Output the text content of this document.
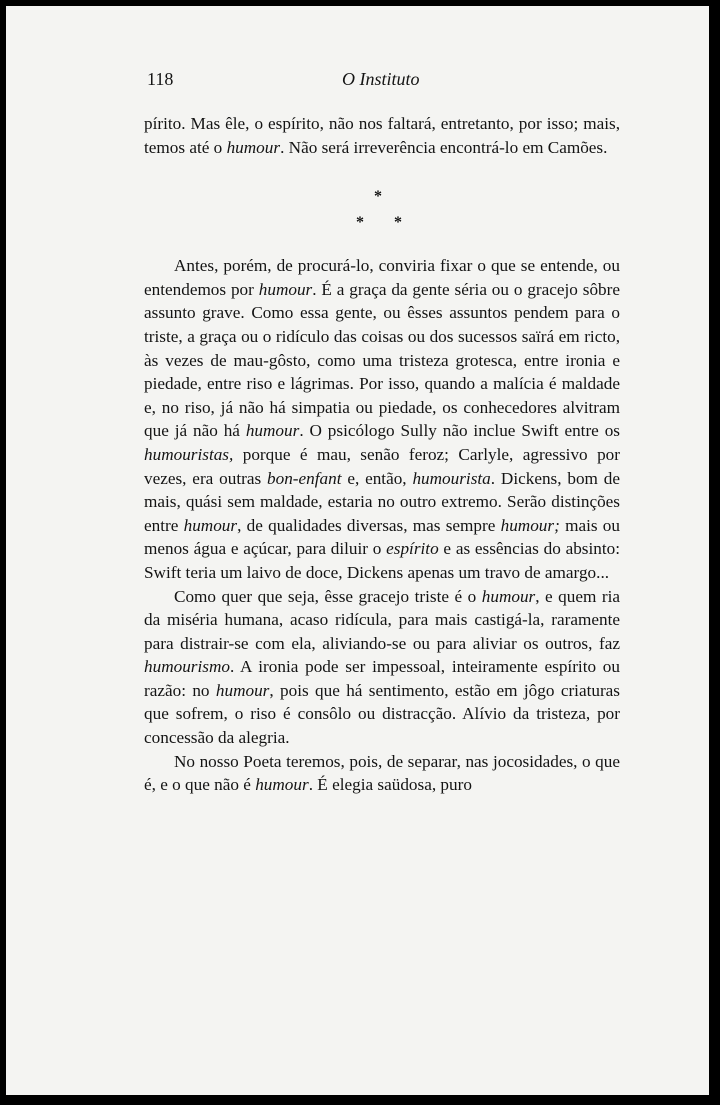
118	O Instituto

pírito. Mas êle, o espírito, não nos faltará, entretanto, por isso; mais, temos até o humour. Não será irreverência encontrá-lo em Camões.

*
* *

Antes, porém, de procurá-lo, conviria fixar o que se entende, ou entendemos por humour. É a graça da gente séria ou o gracejo sôbre assunto grave. Como essa gente, ou êsses assuntos pendem para o triste, a graça ou o ridículo das coisas ou dos sucessos saïrá em ricto, às vezes de mau-gôsto, como uma tristeza grotesca, entre ironia e piedade, entre riso e lágrimas. Por isso, quando a malícia é maldade e, no riso, já não há simpatia ou piedade, os conhecedores alvitram que já não há humour. O psicólogo Sully não inclue Swift entre os humouristas, porque é mau, senão feroz; Carlyle, agressivo por vezes, era outras bon-enfant e, então, humourista. Dickens, bom de mais, quási sem maldade, estaria no outro extremo. Serão distinções entre humour, de qualidades diversas, mas sempre humour; mais ou menos água e açúcar, para diluir o espírito e as essências do absinto: Swift teria um laivo de doce, Dickens apenas um travo de amargo...

Como quer que seja, êsse gracejo triste é o humour, e quem ria da miséria humana, acaso ridícula, para mais castigá-la, raramente para distrair-se com ela, aliviando-se ou para aliviar os outros, faz humourismo. A ironia pode ser impessoal, inteiramente espírito ou razão: no humour, pois que há sentimento, estão em jôgo criaturas que sofrem, o riso é consôlo ou distracção. Alívio da tristeza, por concessão da alegria.

No nosso Poeta teremos, pois, de separar, nas jocosidades, o que é, e o que não é humour. É elegia saüdosa, puro
